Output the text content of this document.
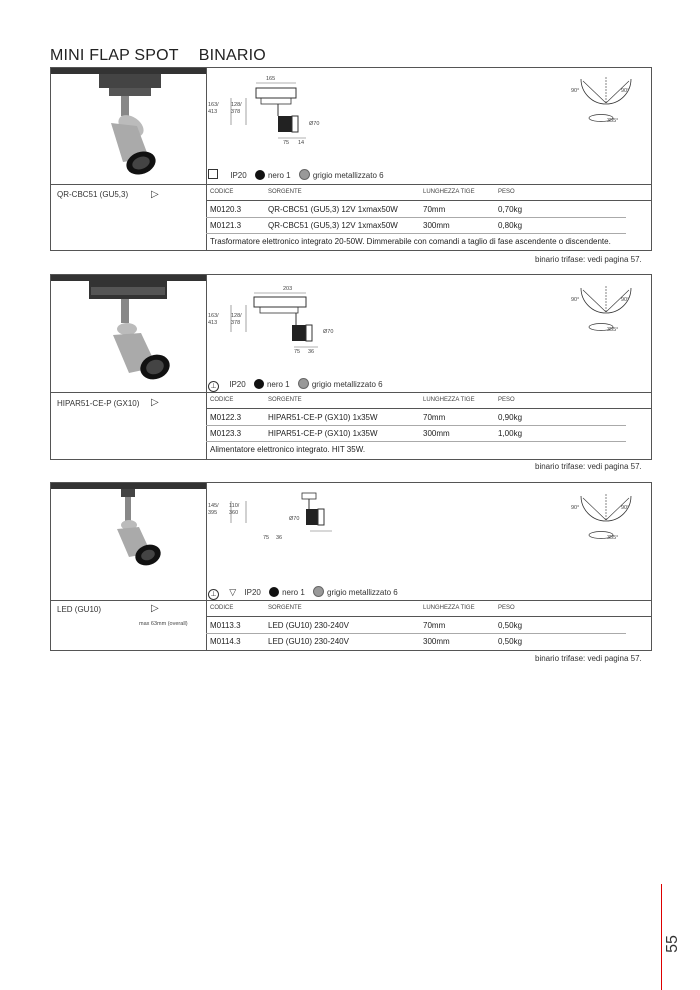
MINI FLAP SPOT BINARIO
165
163/
413
128/
378
Ø70
75 14
90°	90°
355°
IP20	nero 1	grigio metallizzato 6
QR-CBC51 (GU5,3) ▷	CODICE	SORGENTE	LUNGHEZZA TIGE	PESO
M0120.3	QR-CBC51 (GU5,3) 12V 1xmax50W	70mm	0,70kg
M0121.3	QR-CBC51 (GU5,3) 12V 1xmax50W	300mm	0,80kg
Trasformatore elettronico integrato 20-50W. Dimmerabile con comandi a taglio di fase ascendente o discendente.
binario trifase: vedi pagina 57.
203
163/
413
128/
378
Ø70
75 36
90°	90°
355°
⊥ IP20	nero 1	grigio metallizzato 6
HIPAR51-CE-P (GX10) ▷	CODICE	SORGENTE	LUNGHEZZA TIGE	PESO
M0122.3	HIPAR51-CE-P (GX10) 1x35W	70mm	0,90kg
M0123.3	HIPAR51-CE-P (GX10) 1x35W	300mm	1,00kg
Alimentatore elettronico integrato. HIT 35W.
binario trifase: vedi pagina 57.
145/
395
110/
360
Ø70
75 36
90°	90°
355°
⊥ ▽ IP20	nero 1	grigio metallizzato 6
LED (GU10)	▷
max 63mm (overall)
CODICE	SORGENTE	LUNGHEZZA TIGE	PESO
M0113.3	LED (GU10) 230-240V	70mm	0,50kg
M0114.3	LED (GU10) 230-240V	300mm	0,50kg
binario trifase: vedi pagina 57.
55
